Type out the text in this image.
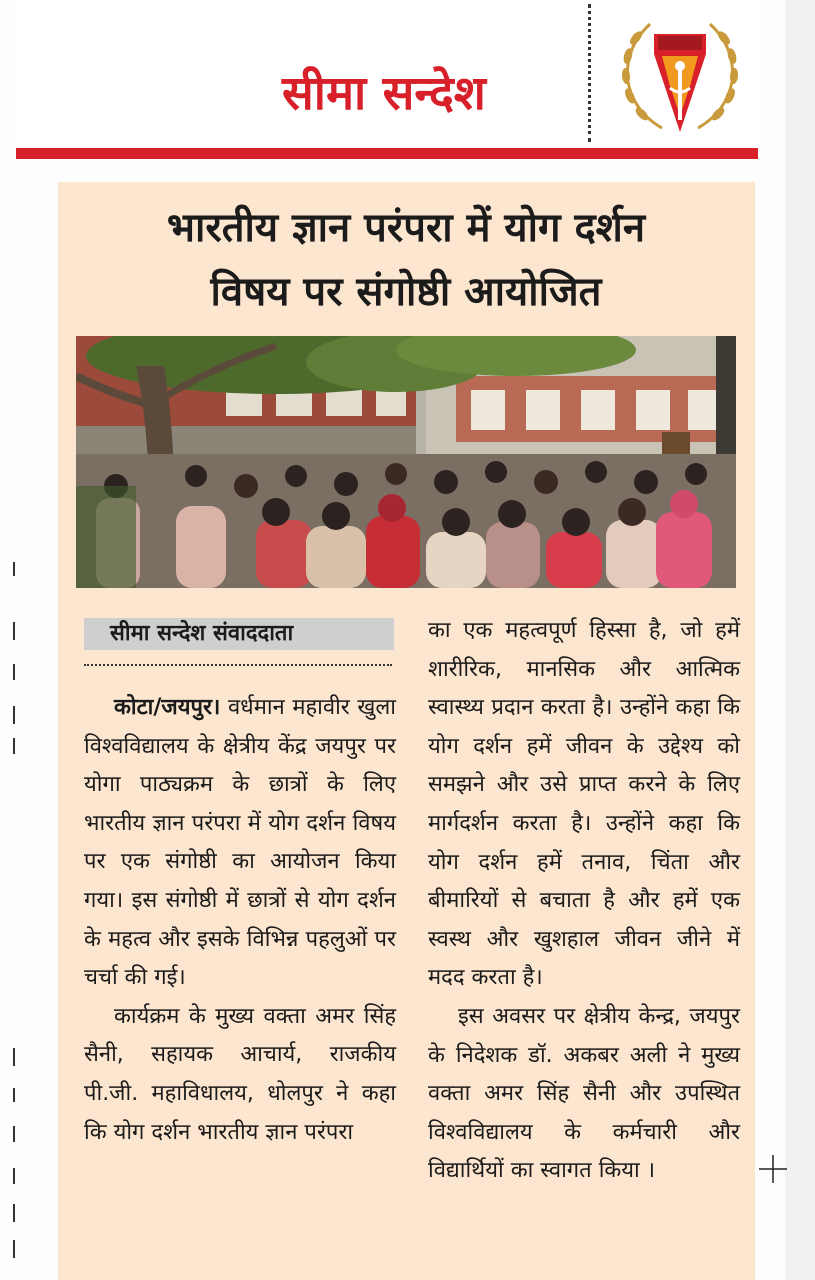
सीमा सन्देश
भारतीय ज्ञान परंपरा में योग दर्शन
विषय पर संगोष्ठी आयोजित
सीमा सन्देश संवाददाता

कोटा/जयपुर। वर्धमान महावीर खुला विश्वविद्यालय के क्षेत्रीय केंद्र जयपुर पर योगा पाठ्यक्रम के छात्रों के लिए भारतीय ज्ञान परंपरा में योग दर्शन विषय पर एक संगोष्ठी का आयोजन किया गया। इस संगोष्ठी में छात्रों से योग दर्शन के महत्व और इसके विभिन्न पहलुओं पर चर्चा की गई।

कार्यक्रम के मुख्य वक्ता अमर सिंह सैनी, सहायक आचार्य, राजकीय पी.जी. महाविधालय, धोलपुर ने कहा कि योग दर्शन भारतीय ज्ञान परंपरा

का एक महत्वपूर्ण हिस्सा है, जो हमें शारीरिक, मानसिक और आत्मिक स्वास्थ्य प्रदान करता है। उन्होंने कहा कि योग दर्शन हमें जीवन के उद्देश्य को समझने और उसे प्राप्त करने के लिए मार्गदर्शन करता है। उन्होंने कहा कि योग दर्शन हमें तनाव, चिंता और बीमारियों से बचाता है और हमें एक स्वस्थ और खुशहाल जीवन जीने में मदद करता है।

इस अवसर पर क्षेत्रीय केन्द्र, जयपुर के निदेशक डॉ. अकबर अली ने मुख्य वक्ता अमर सिंह सैनी और उपस्थित विश्वविद्यालय के कर्मचारी और विद्यार्थियों का स्वागत किया ।
